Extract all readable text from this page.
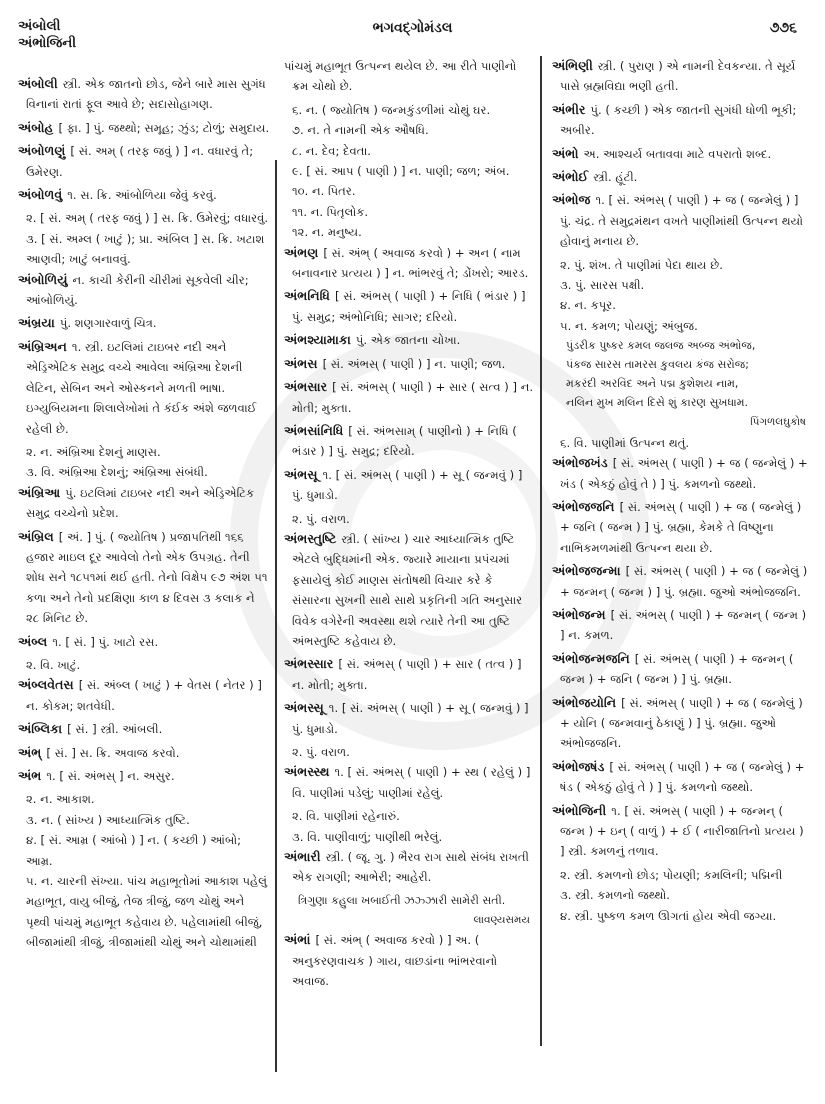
અંબોલી
અંભોજિની
ભગવદ્ગોમંડલ	૭૭૬
અંબોલી સ્ત્રી. એક જાતનો છોડ, જેને બારે માસ સુગંધ વિનાનાં રાતાં ફૂલ આવે છે; સદાસોહાગણ.
અંબોહ [ ફા. ] પું. જથ્થો; સમૂહ; ઝુંડ; ટોળું; સમુદાય.
અંબોળણું [ સં. અમ્ ( તરફ જવું ) ] ન. વધારવું તે; ઉમેરણ.
અંબોળવું ૧. સ. ક્રિ. આંબોળિયા જેવું કરવું.
૨. [ સં. અમ્ ( તરફ જવું ) ] સ. ક્રિ. ઉમેરવું; વધારવું.
૩. [ સં. અમ્લ ( ખાટું ); પ્રા. અંબિલ ] સ. ક્રિ. ખટાશ આણવી; ખાટું બનાવવું.
અંબોળિયું ન. કાચી કેરીની ચીરીમાં સૂકવેલી ચીર; આંબોળિયું.
અંબ્રયા પું. શણગારવાળું ચિત્ર.
અંબ્રિઅન ૧. સ્ત્રી. ઇટલિમાં ટાઇબર નદી અને એડ્રિએટિક સમુદ્ર વચ્ચે આવેલા અંબ્રિઆ દેશની લેટિન, સેબિન અને ઓસ્કનને મળતી ભાષા. ઇગ્યુબિયમના શિલાલેખોમાં તે કંઈક અંશે જળવાઈ રહેલી છે.
૨. ન. અંબ્રિઆ દેશનું માણસ.
૩. વિ. અંબ્રિઆ દેશનું; અંબ્રિઆ સંબંધી.
અંબ્રિઆ પું. ઇટલિમાં ટાઇબર નદી અને એડ્રિએટિક સમુદ્ર વચ્ચેનો પ્રદેશ.
અંબ્રિલ [ અં. ] પું. ( જ્યોતિષ ) પ્રજાપતિથી ૧૬૬ હજાર માઇલ દૂર આવેલો તેનો એક ઉપગ્રહ. તેની શોધ સને ૧૮૫૧માં થઈ હતી. તેનો વિક્ષેપ ૯૭ અંશ ૫૧ કળા અને તેનો પ્રદક્ષિણા કાળ ૪ દિવસ ૩ કલાક ને ૨૮ મિનિટ છે.
અંબ્લ ૧. [ સં. ] પું. ખાટો રસ.
૨. વિ. ખાટું.
અંબ્લવેતસ [ સં. અંબ્લ ( ખાટું ) + વેતસ ( નેતર ) ] ન. કોકમ; શતવેધી.
અંબ્લિકા [ સં. ] સ્ત્રી. આંબલી.
અંભ્ [ સં. ] સ. ક્રિ. અવાજ કરવો.
અંભ ૧. [ સં. અંભસ્ ] ન. અસુર.
૨. ન. આકાશ.
૩. ન. ( સાંખ્ય ) આધ્યાત્મિક તુષ્ટિ.
૪. [ સં. આમ્ર ( આંબો ) ] ન. ( કચ્છી ) આંબો; આમ્ર.
૫. ન. ચારની સંખ્યા. પાંચ મહાભૂતોમાં આકાશ પહેલું મહાભૂત, વાયુ બીજું, તેજ ત્રીજું, જળ ચોથું અને પૃથ્વી પાંચમું મહાભૂત કહેવાય છે. પહેલામાંથી બીજું, બીજામાંથી ત્રીજું, ત્રીજામાંથી ચોથું અને ચોથામાંથી
પાંચમું મહાભૂત ઉત્પન્ન થયેલ છે. આ રીતે પાણીનો ક્રમ ચોથો છે.
૬. ન. ( જ્યોતિષ ) જન્મકુંડળીમાં ચોથું ઘર.
૭. ન. તે નામની એક ઔષધિ.
૮. ન. દેવ; દેવતા.
૯. [ સં. આપ ( પાણી ) ] ન. પાણી; જળ; અંબ.
૧૦. ન. પિતર.
૧૧. ન. પિતૃલોક.
૧૨. ન. મનુષ્ય.
અંભણ [ સં. અંભ્ ( અવાજ કરવો ) + અન ( નામ બનાવનાર પ્રત્યય ) ] ન. ભાંભરવું તે; ડોંખરો; આરડ.
અંભનિધિ [ સં. અંભસ્ ( પાણી ) + નિધિ ( ભંડાર ) ] પું. સમુદ્ર; અંભોનિધિ; સાગર; દરિયો.
અંભશ્યામાકા પું. એક જાતના ચોખા.
અંભસ [ સં. અંભસ્ ( પાણી ) ] ન. પાણી; જળ.
અંભસાર [ સં. અંભસ્ ( પાણી ) + સાર ( સત્વ ) ] ન. મોતી; મુક્તા.
અંભસાંનિધિ [ સં. અંભસામ્ ( પાણીનો ) + નિધિ ( ભંડાર ) ] પું. સમુદ્ર; દરિયો.
અંભસૂ ૧. [ સં. અંભસ્ ( પાણી ) + સૂ ( જન્મવું ) ] પું. ધુમાડો.
૨. પું. વરાળ.
અંભસ્તુષ્ટિ સ્ત્રી. ( સાંખ્ય ) ચાર આધ્યાત્મિક તુષ્ટિ એટલે બુદ્ધિમાંની એક. જ્યારે માયાના પ્રપંચમાં ફસાયેલું કોઈ માણસ સંતોષથી વિચાર કરે કે સંસારના સુખની સાથે સાથે પ્રકૃતિની ગતિ અનુસાર વિવેક વગેરેની અવસ્થા થશે ત્યારે તેની આ તુષ્ટિ અંભસ્તુષ્ટિ કહેવાય છે.
અંભસ્સાર [ સં. અંભસ્ ( પાણી ) + સાર ( તત્વ ) ] ન. મોતી; મુક્તા.
અંભસ્સૂ ૧. [ સં. અંભસ્ ( પાણી ) + સૂ ( જન્મવું ) ] પું. ધુમાડો.
૨. પું. વરાળ.
અંભસ્સ્થ ૧. [ સં. અંભસ્ ( પાણી ) + સ્થ ( રહેલું ) ] વિ. પાણીમાં પડેલું; પાણીમાં રહેલું.
૨. વિ. પાણીમાં રહેનારું.
૩. વિ. પાણીવાળું; પાણીથી ભરેલું.
અંભારી સ્ત્રી. ( જૂ. ગુ. ) ભૈરવ રાગ સાથે સંબંધ રાખતી એક રાગણી; આભેરી; આહેરી.
ત્રિગુણા કહુલા ખબાઈતી ઝઝ્ઝારી સામેરી સતી.
લાવણ્યસમય
અંભાં [ સં. અંભ્ ( અવાજ કરવો ) ] અ. ( અનુકરણવાચક ) ગાય, વાછડાંના ભાંભરવાનો અવાજ.
અંભિણી સ્ત્રી. ( પુરાણ ) એ નામની દેવકન્યા. તે સૂર્ય પાસે બ્રહ્મવિદ્યા ભણી હતી.
અંભીર પું. ( કચ્છી ) એક જાતની સુગંધી ધોળી ભૂકી; અબીર.
અંભો અ. આશ્ચર્ય બતાવવા માટે વપરાતો શબ્દ.
અંભોઈ સ્ત્રી. હૂંટી.
અંભોજ ૧. [ સં. અંભસ્ ( પાણી ) + જ ( જન્મેલું ) ] પું. ચંદ્ર. તે સમુદ્રમંથન વખતે પાણીમાંથી ઉત્પન્ન થયો હોવાનું મનાય છે.
૨. પું. શંખ. તે પાણીમાં પેદા થાય છે.
૩. પું. સારસ પક્ષી.
૪. ન. કપૂર.
૫. ન. કમળ; પોયણું; અંબુજ.
પુંડરીક પુષ્કર કમલ જલજ અબ્જ અંભોજ,
પંકજ સારસ તામરસ કુવલય કંજ સરોજ;
મકરંદી અરવિંદ અને પદ્મ કુશેશય નામ,
નલિન મુખ મલિન દિસે શું કારણ સુખધામ.
પિંગળલઘુકોષ
૬. વિ. પાણીમાં ઉત્પન્ન થતું.
અંભોજખંડ [ સં. અંભસ્ ( પાણી ) + જ ( જન્મેલું ) + ખંડ ( એકઠું હોવું તે ) ] પું. કમળનો જથ્થો.
અંભોજજનિ [ સં. અંભસ્ ( પાણી ) + જ ( જન્મેલું ) + જનિ ( જન્મ ) ] પું. બ્રહ્મા, કેમકે તે વિષ્ણુના નાભિકમળમાંથી ઉત્પન્ન થયા છે.
અંભોજજન્મા [ સં. અંભસ્ ( પાણી ) + જ ( જન્મેલું ) + જન્મન્ ( જન્મ ) ] પું. બ્રહ્મા. જુઓ અંભોજજનિ.
અંભોજન્મ [ સં. અંભસ્ ( પાણી ) + જન્મન્ ( જન્મ ) ] ન. કમળ.
અંભોજન્મજનિ [ સં. અંભસ્ ( પાણી ) + જન્મન્ ( જન્મ ) + જનિ ( જન્મ ) ] પું. બ્રહ્મા.
અંભોજયોનિ [ સં. અંભસ્ ( પાણી ) + જ ( જન્મેલું ) + યોનિ ( જન્મવાનું ઠેકાણું ) ] પું. બ્રહ્મા. જુઓ અંભોજજનિ.
અંભોજષંડ [ સં. અંભસ્ ( પાણી ) + જ ( જન્મેલું ) + ષંડ ( એકઠું હોવું તે ) ] પું. કમળનો જથ્થો.
અંભોજિની ૧. [ સં. અંભસ્ ( પાણી ) + જન્મન્ ( જન્મ ) + ઇન્ ( વાળું ) + ઈ ( નારીજાતિનો પ્રત્યય ) ] સ્ત્રી. કમળનું તળાવ.
૨. સ્ત્રી. કમળનો છોડ; પોયણી; કમલિની; પદ્મિની
૩. સ્ત્રી. કમળનો જથ્થો.
૪. સ્ત્રી. પુષ્કળ કમળ ઊગતાં હોય એવી જગ્યા.
